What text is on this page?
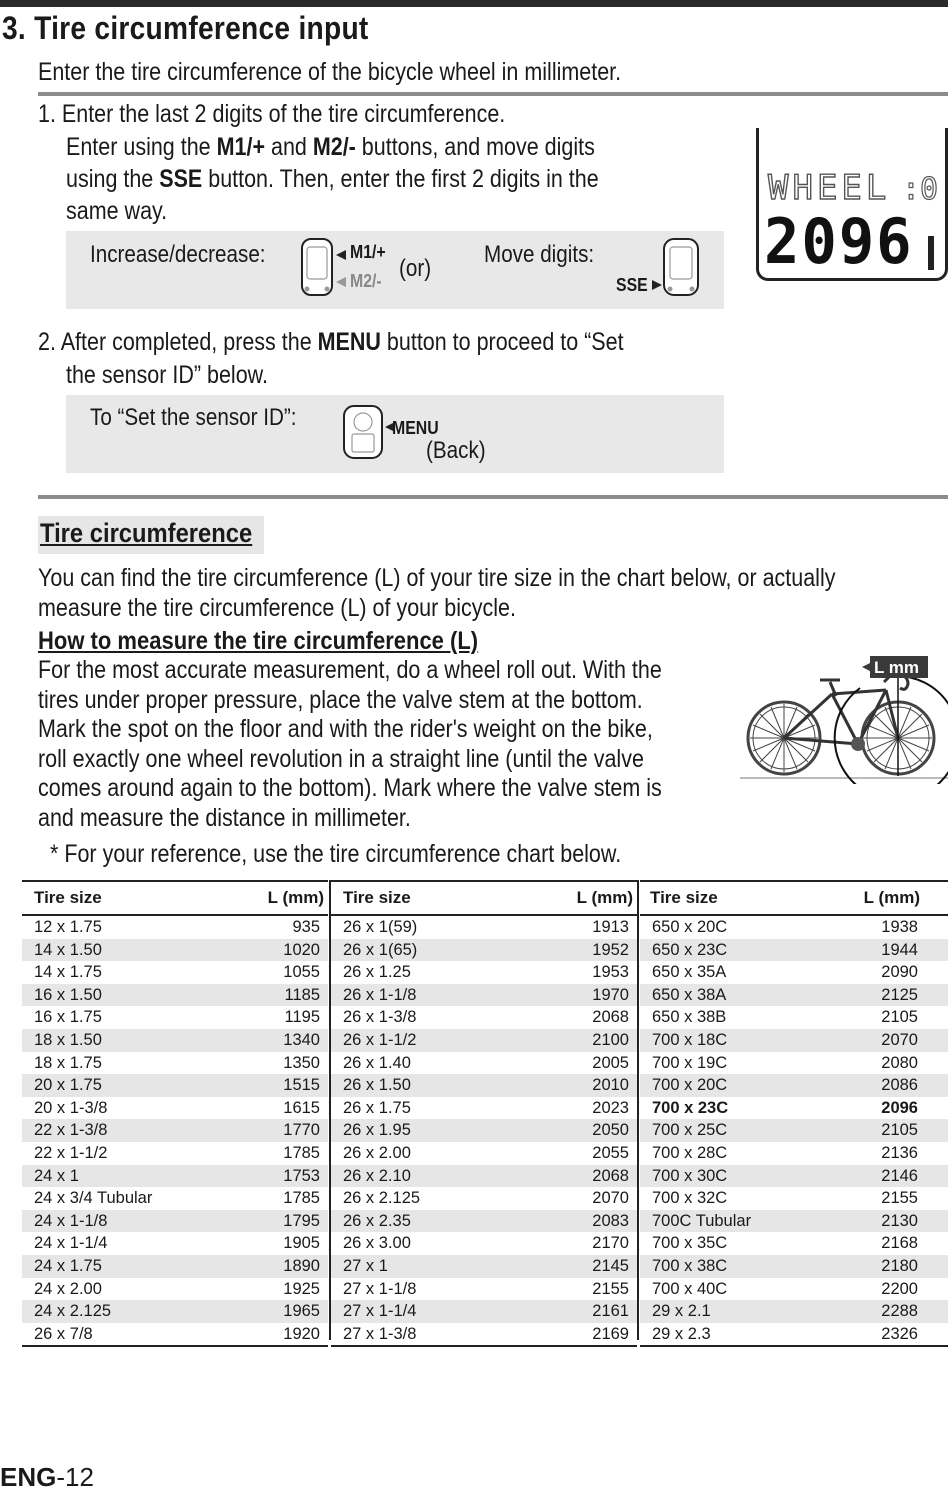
3. Tire circumference input
Enter the tire circumference of the bicycle wheel in millimeter.
1. Enter the last 2 digits of the tire circumference.
Enter using the M1/+ and M2/- buttons, and move digits
using the SSE button. Then, enter the first 2 digits in the
same way.
Increase/decrease:	M1/+
M2/- (or)
Move digits:
SSE
WHEEL :0
2096
2. After completed, press the MENU button to proceed to “Set
the sensor ID” below.
To “Set the sensor ID”:	MENU
(Back)
Tire circumference
You can find the tire circumference (L) of your tire size in the chart below, or actually
measure the tire circumference (L) of your bicycle.
How to measure the tire circumference (L)
For the most accurate measurement, do a wheel roll out. With the
tires under proper pressure, place the valve stem at the bottom.
Mark the spot on the floor and with the rider's weight on the bike,
roll exactly one wheel revolution in a straight line (until the valve
comes around again to the bottom). Mark where the valve stem is
and measure the distance in millimeter.
* For your reference, use the tire circumference chart below.
L mm
Tire size	L (mm)
12 x 1.75	935
14 x 1.50	1020
14 x 1.75	1055
16 x 1.50	1185
16 x 1.75	1195
18 x 1.50	1340
18 x 1.75	1350
20 x 1.75	1515
20 x 1-3/8	1615
22 x 1-3/8	1770
22 x 1-1/2	1785
24 x 1	1753
24 x 3/4 Tubular	1785
24 x 1-1/8	1795
24 x 1-1/4	1905
24 x 1.75	1890
24 x 2.00	1925
24 x 2.125	1965
26 x 7/8	1920
Tire size	L (mm)
26 x 1(59)	1913
26 x 1(65)	1952
26 x 1.25	1953
26 x 1-1/8	1970
26 x 1-3/8	2068
26 x 1-1/2	2100
26 x 1.40	2005
26 x 1.50	2010
26 x 1.75	2023
26 x 1.95	2050
26 x 2.00	2055
26 x 2.10	2068
26 x 2.125	2070
26 x 2.35	2083
26 x 3.00	2170
27 x 1	2145
27 x 1-1/8	2155
27 x 1-1/4	2161
27 x 1-3/8	2169
Tire size	L (mm)
650 x 20C	1938
650 x 23C	1944
650 x 35A	2090
650 x 38A	2125
650 x 38B	2105
700 x 18C	2070
700 x 19C	2080
700 x 20C	2086
700 x 23C	2096
700 x 25C	2105
700 x 28C	2136
700 x 30C	2146
700 x 32C	2155
700C Tubular	2130
700 x 35C	2168
700 x 38C	2180
700 x 40C	2200
29 x 2.1	2288
29 x 2.3	2326
ENG-12
